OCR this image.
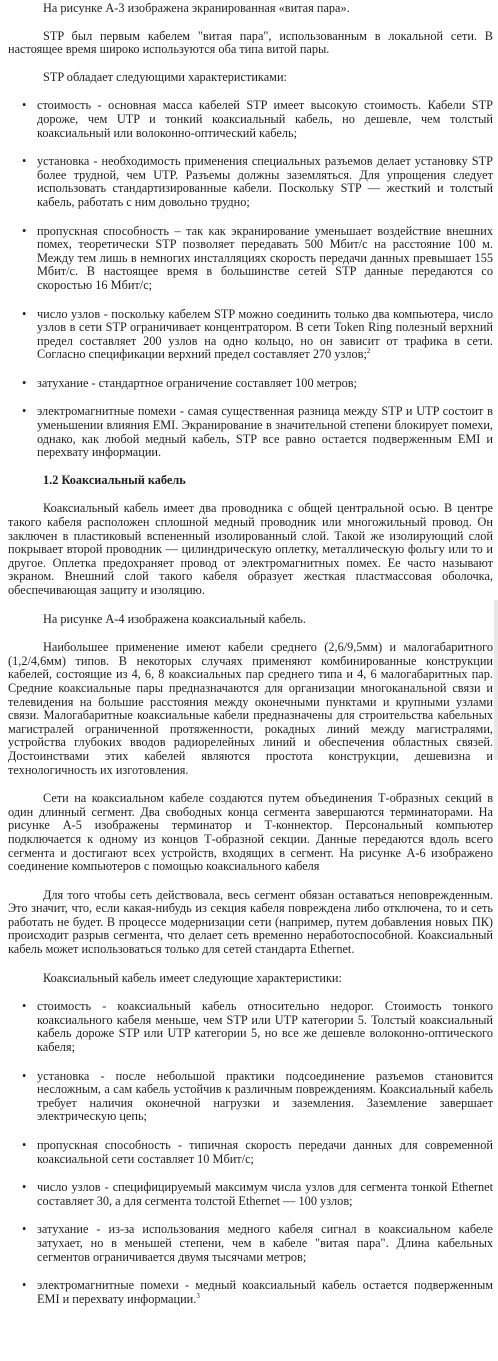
На рисунке А-3 изображена экранированная «витая пара».

STP был первым кабелем "витая пара", использованным в локальной сети. В настоящее время широко используются оба типа витой пары.

STP обладает следующими характеристиками:

• стоимость - основная масса кабелей STP имеет высокую стоимость. Кабели STP дороже, чем UTP и тонкий коаксиальный кабель, но дешевле, чем толстый коаксиальный или волоконно-оптический кабель;
• установка - необходимость применения специальных разъемов делает установку STP более трудной, чем UTP. Разъемы должны заземляться. Для упрощения следует использовать стандартизированные кабели. Поскольку STP — жесткий и толстый кабель, работать с ним довольно трудно;
• пропускная способность – так как экранирование уменьшает воздействие внешних помех, теоретически STP позволяет передавать 500 Мбит/с на расстояние 100 м. Между тем лишь в немногих инсталляциях скорость передачи данных превышает 155 Мбит/с. В настоящее время в большинстве сетей STP данные передаются со скоростью 16 Мбит/с;
• число узлов - поскольку кабелем STP можно соединить только два компьютера, число узлов в сети STP ограничивает концентратором. В сети Token Ring полезный верхний предел составляет 200 узлов на одно кольцо, но он зависит от трафика в сети. Согласно спецификации верхний предел составляет 270 узлов;$^2$
• затухание - стандартное ограничение составляет 100 метров;
• электромагнитные помехи - самая существенная разница между STP и UTP состоит в уменьшении влияния EMI. Экранирование в значительной степени блокирует помехи, однако, как любой медный кабель, STP все равно остается подверженным EMI и перехвату информации.
1.2 Коаксиальный кабель

Коаксиальный кабель имеет два проводника с общей центральной осью. В центре такого кабеля расположен сплошной медный проводник или многожильный провод. Он заключен в пластиковый вспененный изолированный слой. Такой же изолирующий слой покрывает второй проводник — цилиндрическую оплетку, металлическую фольгу или то и другое. Оплетка предохраняет провод от электромагнитных помех. Ее часто называют экраном. Внешний слой такого кабеля образует жесткая пластмассовая оболочка, обеспечивающая защиту и изоляцию.

На рисунке А-4 изображена коаксиальный кабель.

Наибольшее применение имеют кабели среднего (2,6/9,5мм) и малогабаритного (1,2/4,6мм) типов. В некоторых случаях применяют комбинированные конструкции кабелей, состоящие из 4, 6, 8 коаксиальных пар среднего типа и 4, 6 малогабаритных пар. Средние коаксиальные пары предназначаются для организации многоканальной связи и телевидения на большие расстояния между оконечными пунктами и крупными узлами связи. Малогабаритные коаксиальные кабели предназначены для строительства кабельных магистралей ограниченной протяженности, рокадных линий между магистралями, устройства глубоких вводов радиорелейных линий и обеспечения областных связей. Достоинствами этих кабелей являются простота конструкции, дешевизна и технологичность их изготовления.

Сети на коаксиальном кабеле создаются путем объединения Т-образных секций в один длинный сегмент. Два свободных конца сегмента завершаются терминаторами. На рисунке А-5 изображены терминатор и Т-коннектор. Персональный компьютер подключается к одному из концов Т-образной секции. Данные передаются вдоль всего сегмента и достигают всех устройств, входящих в сегмент. На рисунке А-6 изображено соединение компьютеров с помощью коаксиального кабеля

Для того чтобы сеть действовала, весь сегмент обязан оставаться неповрежденным. Это значит, что, если какая-нибудь из секция кабеля повреждена либо отключена, то и сеть работать не будет. В процессе модернизации сети (например, путем добавления новых ПК) происходит разрыв сегмента, что делает сеть временно неработоспособной. Коаксиальный кабель может использоваться только для сетей стандарта Ethernet.

Коаксиальный кабель имеет следующие характеристики:

• стоимость - коаксиальный кабель относительно недорог. Стоимость тонкого коаксиального кабеля меньше, чем STP или UTP категории 5. Толстый коаксиальный кабель дороже STP или UTP категории 5, но все же дешевле волоконно-оптического кабеля;
• установка - после небольшой практики подсоединение разъемов становится несложным, а сам кабель устойчив к различным повреждениям. Коаксиальный кабель требует наличия оконечной нагрузки и заземления. Заземление завершает электрическую цепь;
• пропускная способность - типичная скорость передачи данных для современной коаксиальной сети составляет 10 Мбит/с;
• число узлов - специфицируемый максимум числа узлов для сегмента тонкой Ethernet составляет 30, а для сегмента толстой Ethernet — 100 узлов;
• затухание - из-за использования медного кабеля сигнал в коаксиальном кабеле затухает, но в меньшей степени, чем в кабеле "витая пара". Длина кабельных сегментов ограничивается двумя тысячами метров;
• электромагнитные помехи - медный коаксиальный кабель остается подверженным EMI и перехвату информации.$^3$
